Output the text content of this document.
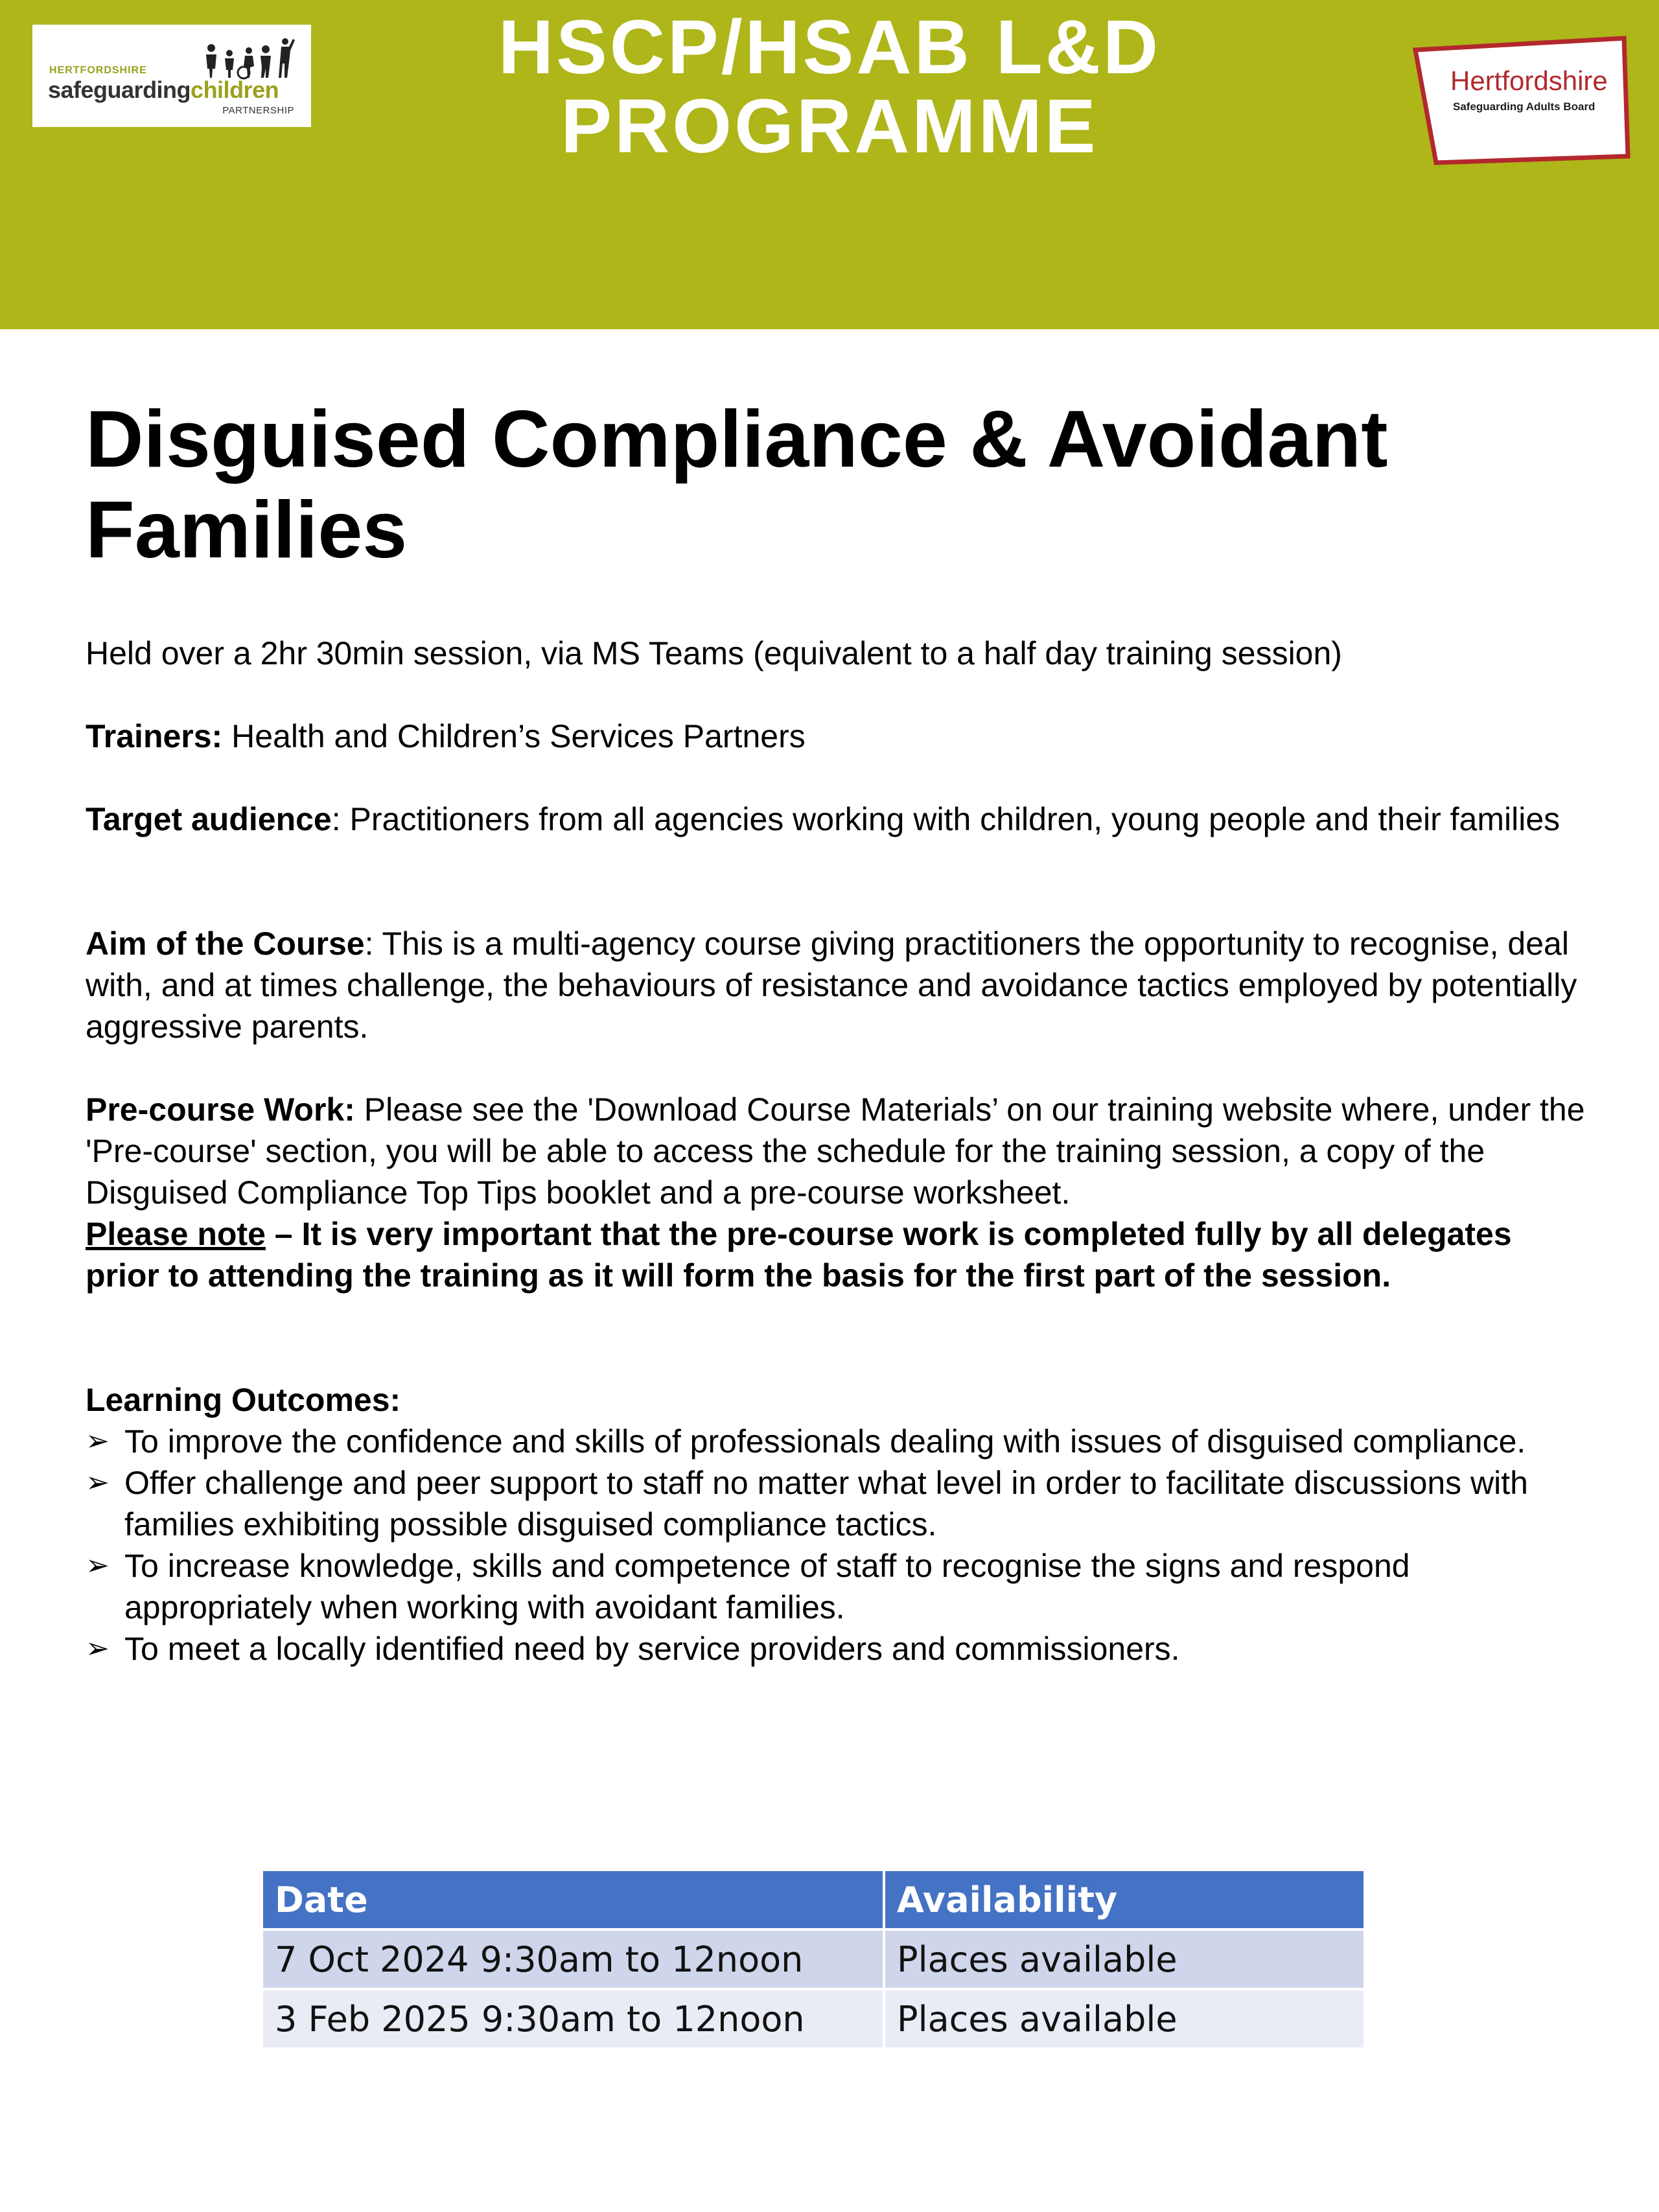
HERTFORDSHIRE
safeguardingchildren
PARTNERSHIP
HSCP/HSAB L&D
PROGRAMME
Hertfordshire
Safeguarding Adults Board
Disguised Compliance & Avoidant
Families

Held over a 2hr 30min session, via MS Teams (equivalent to a half day training session)

Trainers: Health and Children’s Services Partners

Target audience: Practitioners from all agencies working with children, young people and their families

Aim of the Course: This is a multi-agency course giving practitioners the opportunity to recognise, deal with, and at times challenge, the behaviours of resistance and avoidance tactics employed by potentially aggressive parents.

Pre-course Work: Please see the 'Download Course Materials’ on our training website where, under the 'Pre-course' section, you will be able to access the schedule for the training session, a copy of the Disguised Compliance Top Tips booklet and a pre-course worksheet.

Please note – It is very important that the pre-course work is completed fully by all delegates prior to attending the training as it will form the basis for the first part of the session.

Learning Outcomes:

➢ To improve the confidence and skills of professionals dealing with issues of disguised compliance.
➢ Offer challenge and peer support to staff no matter what level in order to facilitate discussions with families exhibiting possible disguised compliance tactics.
➢ To increase knowledge, skills and competence of staff to recognise the signs and respond appropriately when working with avoidant families.
➢ To meet a locally identified need by service providers and commissioners.
Date	Availability
7 Oct 2024 9:30am to 12noon	Places available
3 Feb 2025 9:30am to 12noon	Places available
